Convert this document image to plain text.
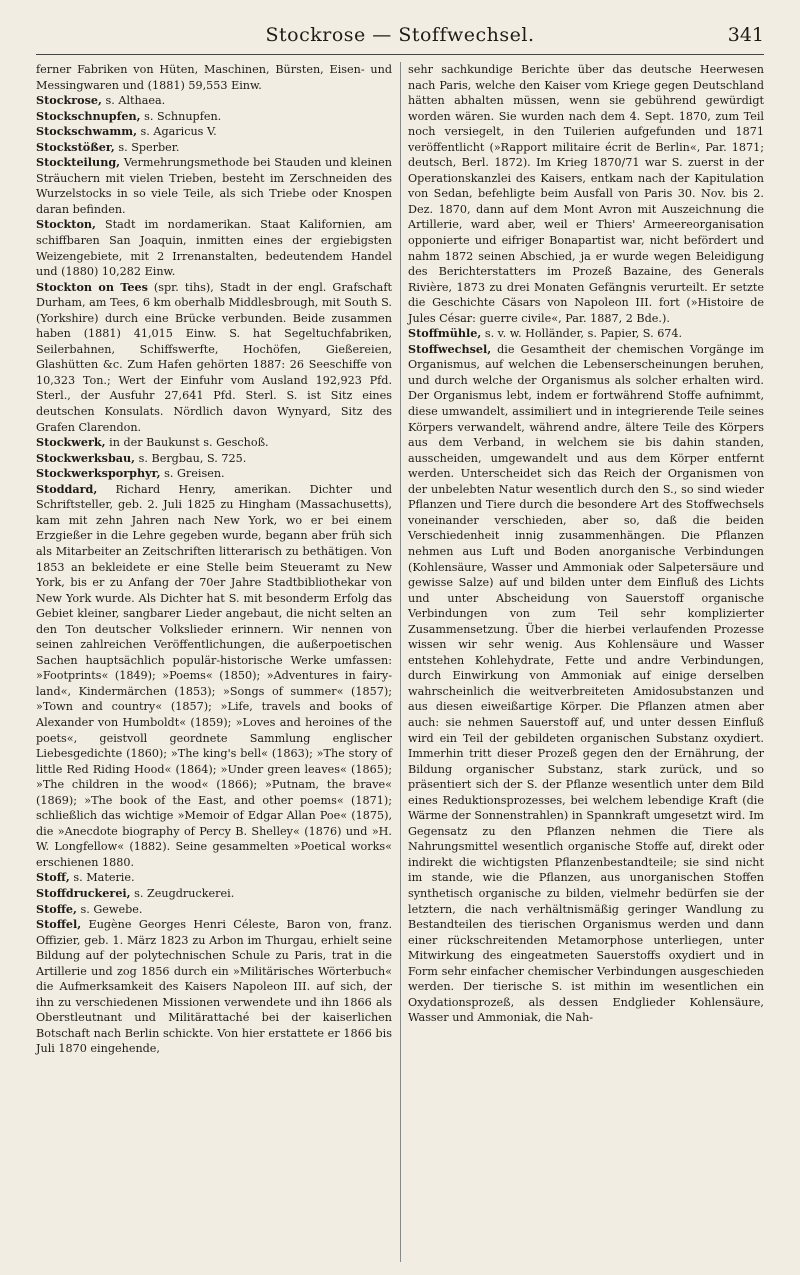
Stockrose — Stoffwechsel.	341

ferner Fabriken von Hüten, Maschinen, Bürsten, Eisen- und Messingwaren und (1881) 59,553 Einw.

Stockrose, s. Althaea.

Stockschnupfen, s. Schnupfen.

Stockschwamm, s. Agaricus V.

Stockstößer, s. Sperber.

Stockteilung, Vermehrungsmethode bei Stauden und kleinen Sträuchern mit vielen Trieben, besteht im Zerschneiden des Wurzelstocks in so viele Teile, als sich Triebe oder Knospen daran befinden.

Stockton, Stadt im nordamerikan. Staat Kalifornien, am schiffbaren San Joaquin, inmitten eines der ergiebigsten Weizengebiete, mit 2 Irrenanstalten, bedeutendem Handel und (1880) 10,282 Einw.

Stockton on Tees (spr. tihs), Stadt in der engl. Grafschaft Durham, am Tees, 6 km oberhalb Middlesbrough, mit South S. (Yorkshire) durch eine Brücke verbunden. Beide zusammen haben (1881) 41,015 Einw. S. hat Segeltuchfabriken, Seilerbahnen, Schiffswerfte, Hochöfen, Gießereien, Glashütten &c. Zum Hafen gehörten 1887: 26 Seeschiffe von 10,323 Ton.; Wert der Einfuhr vom Ausland 192,923 Pfd. Sterl., der Ausfuhr 27,641 Pfd. Sterl. S. ist Sitz eines deutschen Konsulats. Nördlich davon Wynyard, Sitz des Grafen Clarendon.

Stockwerk, in der Baukunst s. Geschoß.

Stockwerksbau, s. Bergbau, S. 725.

Stockwerksporphyr, s. Greisen.

Stoddard, Richard Henry, amerikan. Dichter und Schriftsteller, geb. 2. Juli 1825 zu Hingham (Massachusetts), kam mit zehn Jahren nach New York, wo er bei einem Erzgießer in die Lehre gegeben wurde, begann aber früh sich als Mitarbeiter an Zeitschriften litterarisch zu bethätigen. Von 1853 an bekleidete er eine Stelle beim Steueramt zu New York, bis er zu Anfang der 70er Jahre Stadtbibliothekar von New York wurde. Als Dichter hat S. mit besonderm Erfolg das Gebiet kleiner, sangbarer Lieder angebaut, die nicht selten an den Ton deutscher Volkslieder erinnern. Wir nennen von seinen zahlreichen Veröffentlichungen, die außerpoetischen Sachen hauptsächlich populär-historische Werke umfassen: »Footprints« (1849); »Poems« (1850); »Adventures in fairy-land«, Kindermärchen (1853); »Songs of summer« (1857); »Town and country« (1857); »Life, travels and books of Alexander von Humboldt« (1859); »Loves and heroines of the poets«, geistvoll geordnete Sammlung englischer Liebesgedichte (1860); »The king's bell« (1863); »The story of little Red Riding Hood« (1864); »Under green leaves« (1865); »The children in the wood« (1866); »Putnam, the brave« (1869); »The book of the East, and other poems« (1871); schließlich das wichtige »Memoir of Edgar Allan Poe« (1875), die »Anecdote biography of Percy B. Shelley« (1876) und »H. W. Longfellow« (1882). Seine gesammelten »Poetical works« erschienen 1880.

Stoff, s. Materie.

Stoffdruckerei, s. Zeugdruckerei.

Stoffe, s. Gewebe.

Stoffel, Eugène Georges Henri Céleste, Baron von, franz. Offizier, geb. 1. März 1823 zu Arbon im Thurgau, erhielt seine Bildung auf der polytechnischen Schule zu Paris, trat in die Artillerie und zog 1856 durch ein »Militärisches Wörterbuch« die Aufmerksamkeit des Kaisers Napoleon III. auf sich, der ihn zu verschiedenen Missionen verwendete und ihn 1866 als Oberstleutnant und Militärattaché bei der kaiserlichen Botschaft nach Berlin schickte. Von hier erstattete er 1866 bis Juli 1870 eingehende,

sehr sachkundige Berichte über das deutsche Heerwesen nach Paris, welche den Kaiser vom Kriege gegen Deutschland hätten abhalten müssen, wenn sie gebührend gewürdigt worden wären. Sie wurden nach dem 4. Sept. 1870, zum Teil noch versiegelt, in den Tuilerien aufgefunden und 1871 veröffentlicht (»Rapport militaire écrit de Berlin«, Par. 1871; deutsch, Berl. 1872). Im Krieg 1870/71 war S. zuerst in der Operationskanzlei des Kaisers, entkam nach der Kapitulation von Sedan, befehligte beim Ausfall von Paris 30. Nov. bis 2. Dez. 1870, dann auf dem Mont Avron mit Auszeichnung die Artillerie, ward aber, weil er Thiers' Armeereorganisation opponierte und eifriger Bonapartist war, nicht befördert und nahm 1872 seinen Abschied, ja er wurde wegen Beleidigung des Berichterstatters im Prozeß Bazaine, des Generals Rivière, 1873 zu drei Monaten Gefängnis verurteilt. Er setzte die Geschichte Cäsars von Napoleon III. fort (»Histoire de Jules César: guerre civile«, Par. 1887, 2 Bde.).

Stoffmühle, s. v. w. Holländer, s. Papier, S. 674.

Stoffwechsel, die Gesamtheit der chemischen Vorgänge im Organismus, auf welchen die Lebenserscheinungen beruhen, und durch welche der Organismus als solcher erhalten wird. Der Organismus lebt, indem er fortwährend Stoffe aufnimmt, diese umwandelt, assimiliert und in integrierende Teile seines Körpers verwandelt, während andre, ältere Teile des Körpers aus dem Verband, in welchem sie bis dahin standen, ausscheiden, umgewandelt und aus dem Körper entfernt werden. Unterscheidet sich das Reich der Organismen von der unbelebten Natur wesentlich durch den S., so sind wieder Pflanzen und Tiere durch die besondere Art des Stoffwechsels voneinander verschieden, aber so, daß die beiden Verschiedenheit innig zusammenhängen. Die Pflanzen nehmen aus Luft und Boden anorganische Verbindungen (Kohlensäure, Wasser und Ammoniak oder Salpetersäure und gewisse Salze) auf und bilden unter dem Einfluß des Lichts und unter Abscheidung von Sauerstoff organische Verbindungen von zum Teil sehr komplizierter Zusammensetzung. Über die hierbei verlaufenden Prozesse wissen wir sehr wenig. Aus Kohlensäure und Wasser entstehen Kohlehydrate, Fette und andre Verbindungen, durch Einwirkung von Ammoniak auf einige derselben wahrscheinlich die weitverbreiteten Amidosubstanzen und aus diesen eiweißartige Körper. Die Pflanzen atmen aber auch: sie nehmen Sauerstoff auf, und unter dessen Einfluß wird ein Teil der gebildeten organischen Substanz oxydiert. Immerhin tritt dieser Prozeß gegen den der Ernährung, der Bildung organischer Substanz, stark zurück, und so präsentiert sich der S. der Pflanze wesentlich unter dem Bild eines Reduktionsprozesses, bei welchem lebendige Kraft (die Wärme der Sonnenstrahlen) in Spannkraft umgesetzt wird. Im Gegensatz zu den Pflanzen nehmen die Tiere als Nahrungsmittel wesentlich organische Stoffe auf, direkt oder indirekt die wichtigsten Pflanzenbestandteile; sie sind nicht im stande, wie die Pflanzen, aus unorganischen Stoffen synthetisch organische zu bilden, vielmehr bedürfen sie der letztern, die nach verhältnismäßig geringer Wandlung zu Bestandteilen des tierischen Organismus werden und dann einer rückschreitenden Metamorphose unterliegen, unter Mitwirkung des eingeatmeten Sauerstoffs oxydiert und in Form sehr einfacher chemischer Verbindungen ausgeschieden werden. Der tierische S. ist mithin im wesentlichen ein Oxydationsprozeß, als dessen Endglieder Kohlensäure, Wasser und Ammoniak, die Nah-
